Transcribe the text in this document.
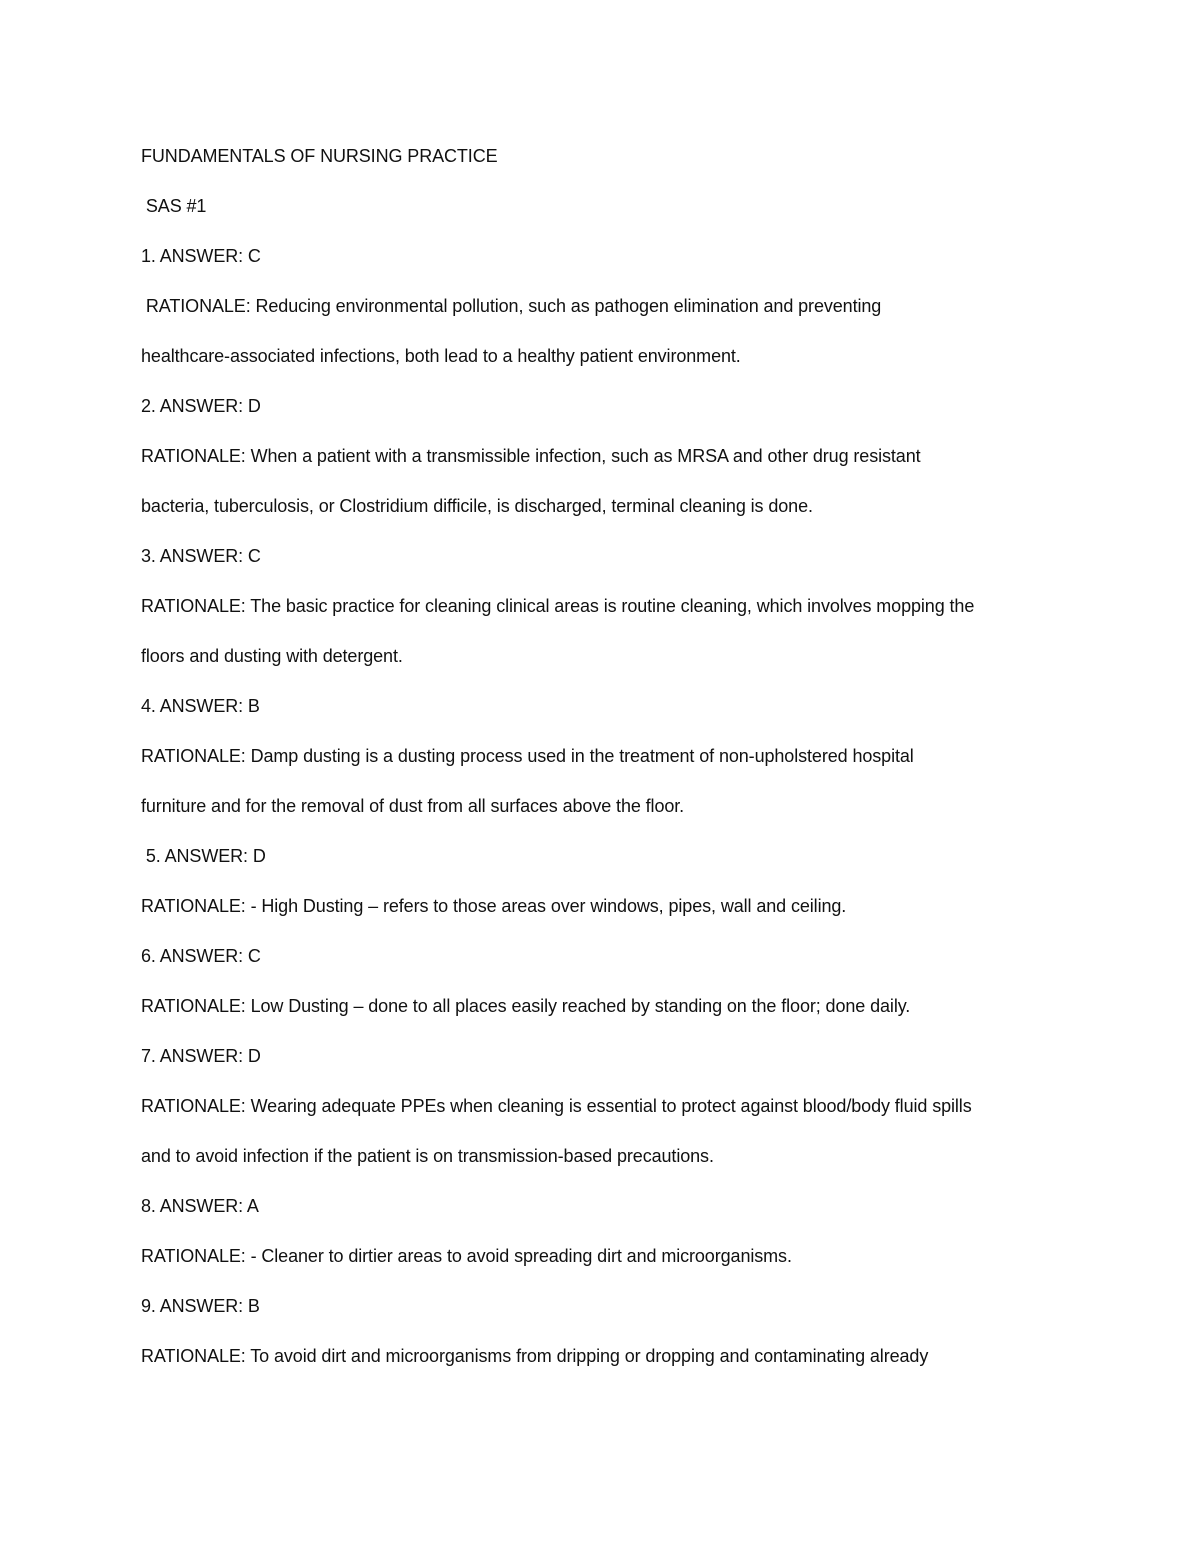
FUNDAMENTALS OF NURSING PRACTICE

SAS #1

1. ANSWER: C

RATIONALE: Reducing environmental pollution, such as pathogen elimination and preventing

healthcare-associated infections, both lead to a healthy patient environment.

2. ANSWER: D

RATIONALE: When a patient with a transmissible infection, such as MRSA and other drug resistant

bacteria, tuberculosis, or Clostridium difficile, is discharged, terminal cleaning is done.

3. ANSWER: C

RATIONALE: The basic practice for cleaning clinical areas is routine cleaning, which involves mopping the

floors and dusting with detergent.

4. ANSWER: B

RATIONALE: Damp dusting is a dusting process used in the treatment of non-upholstered hospital

furniture and for the removal of dust from all surfaces above the floor.

5. ANSWER: D

RATIONALE: - High Dusting – refers to those areas over windows, pipes, wall and ceiling.

6. ANSWER: C

RATIONALE: Low Dusting – done to all places easily reached by standing on the floor; done daily.

7. ANSWER: D

RATIONALE: Wearing adequate PPEs when cleaning is essential to protect against blood/body fluid spills

and to avoid infection if the patient is on transmission-based precautions.

8. ANSWER: A

RATIONALE: - Cleaner to dirtier areas to avoid spreading dirt and microorganisms.

9. ANSWER: B

RATIONALE: To avoid dirt and microorganisms from dripping or dropping and contaminating already
